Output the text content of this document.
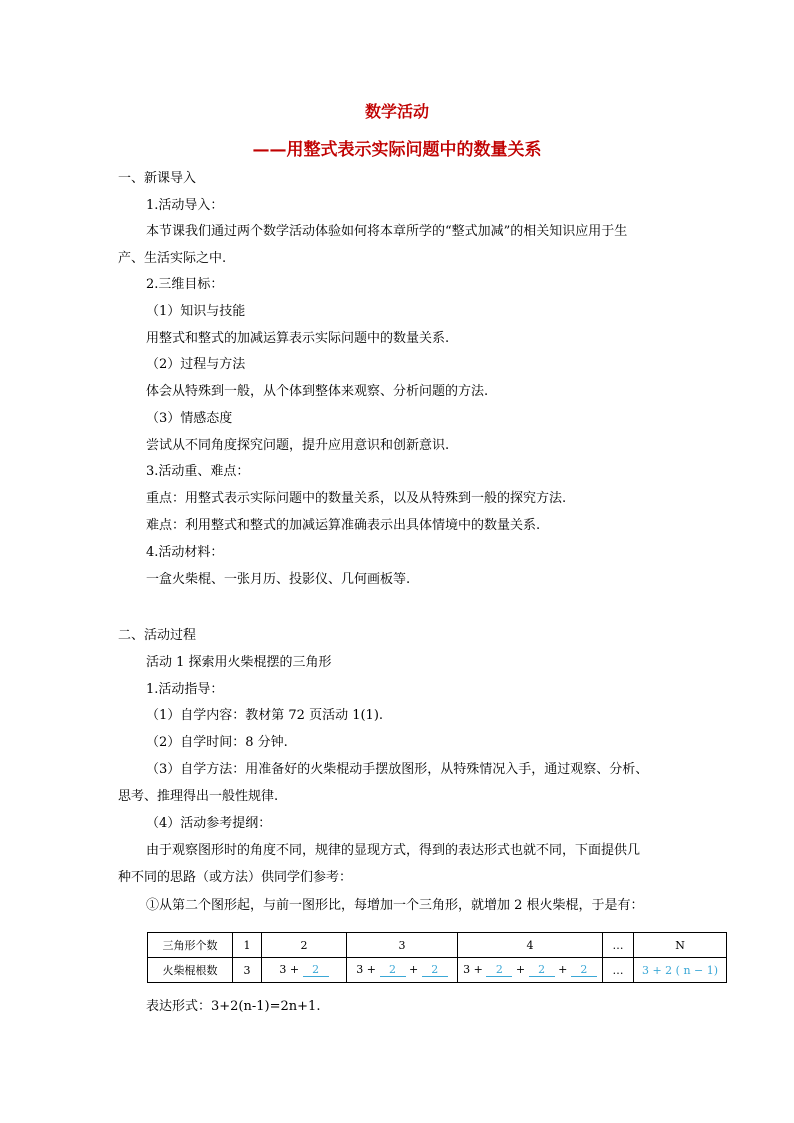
数学活动
——用整式表示实际问题中的数量关系
一、新课导入
1.活动导入：
本节课我们通过两个数学活动体验如何将本章所学的“整式加减”的相关知识应用于生
产、生活实际之中.
2.三维目标：
（1）知识与技能
用整式和整式的加减运算表示实际问题中的数量关系.
（2）过程与方法
体会从特殊到一般，从个体到整体来观察、分析问题的方法.
（3）情感态度
尝试从不同角度探究问题，提升应用意识和创新意识.
3.活动重、难点：
重点：用整式表示实际问题中的数量关系，以及从特殊到一般的探究方法.
难点：利用整式和整式的加减运算准确表示出具体情境中的数量关系.
4.活动材料：
一盒火柴棍、一张月历、投影仪、几何画板等.
二、活动过程
活动 1 探索用火柴棍摆的三角形
1.活动指导：
（1）自学内容：教材第 72 页活动 1(1).
（2）自学时间：8 分钟.
（3）自学方法：用准备好的火柴棍动手摆放图形，从特殊情况入手，通过观察、分析、
思考、推理得出一般性规律.
（4）活动参考提纲：
由于观察图形时的角度不同，规律的显现方式，得到的表达形式也就不同，下面提供几
种不同的思路（或方法）供同学们参考：
①从第二个图形起，与前一图形比，每增加一个三角形，就增加 2 根火柴棍，于是有：
三角形个数	1	2	3	4	…	N
火柴棍根数	3	3 + 2	3 + 2 + 2	3 + 2 + 2 + 2	…	3 + 2 ( n − 1)
表达形式：3+2(n-1)=2n+1.
